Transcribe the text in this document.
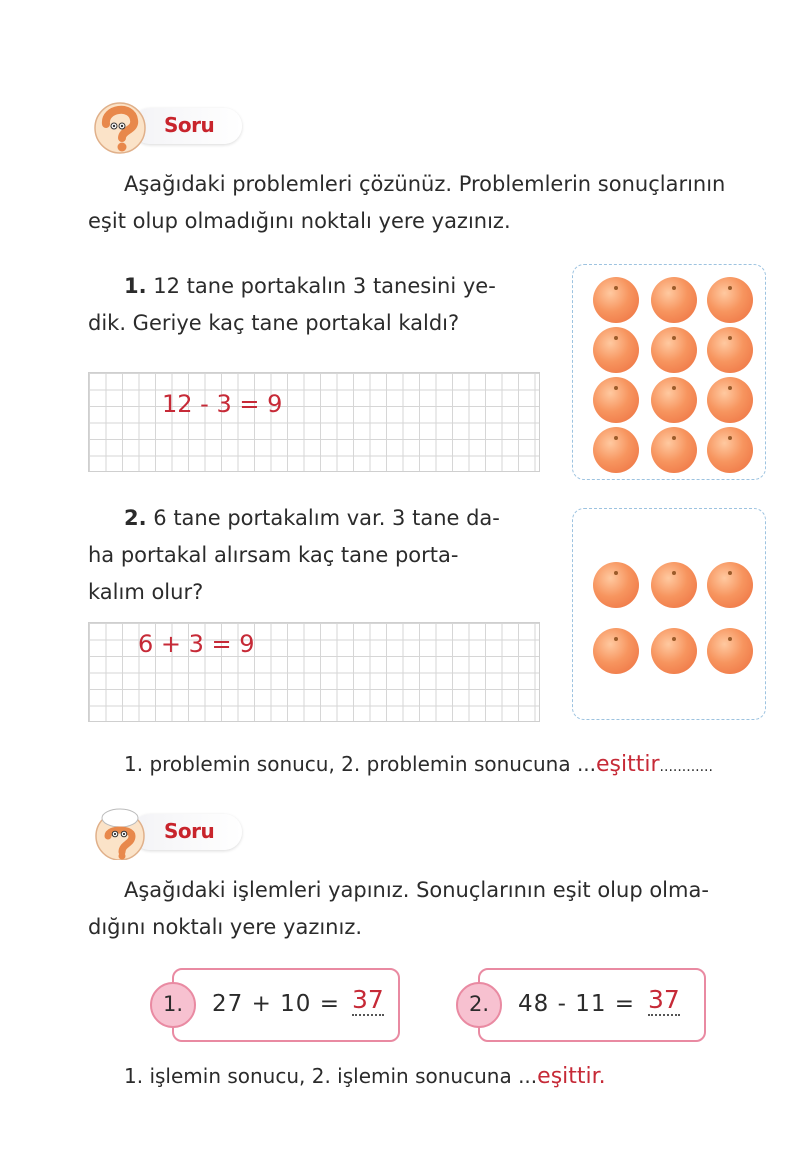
Soru
Aşağıdaki problemleri çözünüz. Problemlerin sonuçlarının
eşit olup olmadığını noktalı yere yazınız.
1. 12 tane portakalın 3 tanesini ye-
dik. Geriye kaç tane portakal kaldı?
12 - 3 = 9
2. 6 tane portakalım var. 3 tane da-
ha portakal alırsam kaç tane porta-
kalım olur?
6 + 3 = 9
1. problemin sonucu, 2. problemin sonucuna ...eşittir............
Soru
Aşağıdaki işlemleri yapınız. Sonuçlarının eşit olup olma-
dığını noktalı yere yazınız.
1.	27 + 10 = 37	2.	48 - 11 = 37
1. işlemin sonucu, 2. işlemin sonucuna ...eşittir.
